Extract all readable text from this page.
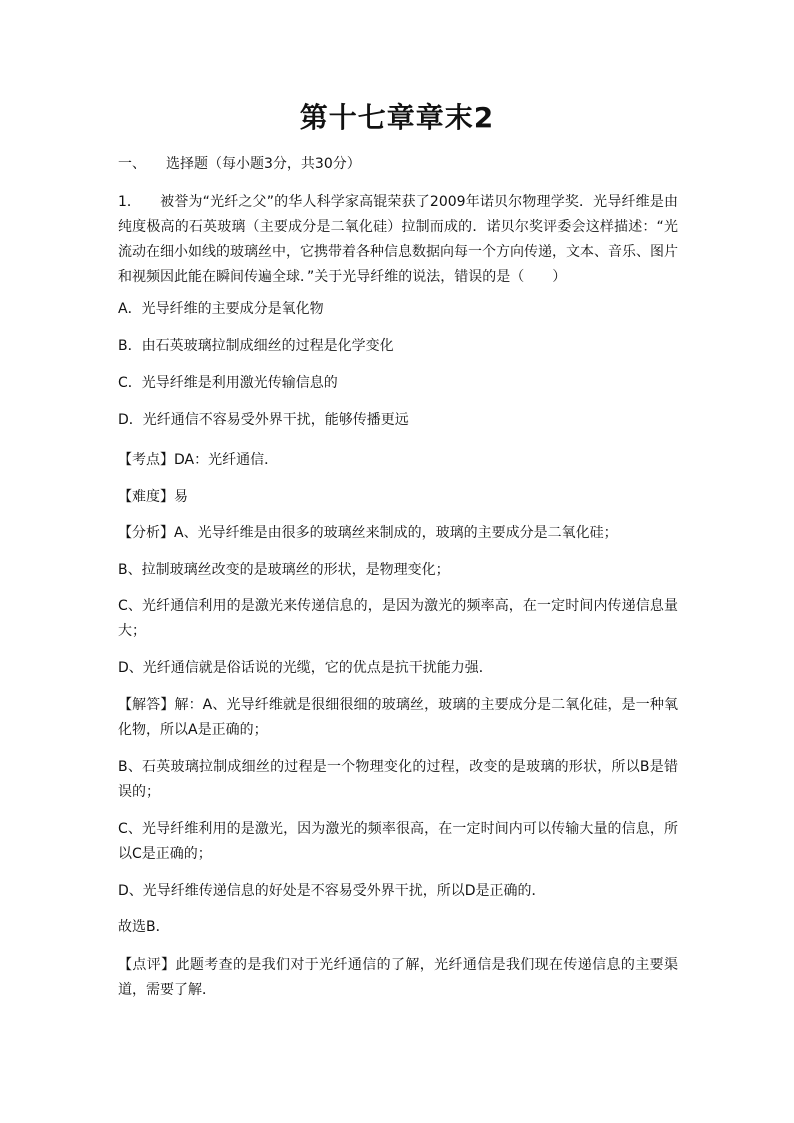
第十七章章末2
一、 选择题（每小题3分，共30分）
1． 被誉为“光纤之父”的华人科学家高锟荣获了2009年诺贝尔物理学奖．光导纤维是由纯度极高的石英玻璃（主要成分是二氧化硅）拉制而成的．诺贝尔奖评委会这样描述：“光流动在细小如线的玻璃丝中，它携带着各种信息数据向每一个方向传递，文本、音乐、图片和视频因此能在瞬间传遍全球．”关于光导纤维的说法，错误的是（　　）
A．光导纤维的主要成分是氧化物
B．由石英玻璃拉制成细丝的过程是化学变化
C．光导纤维是利用激光传输信息的
D．光纤通信不容易受外界干扰，能够传播更远
【考点】DA：光纤通信．
【难度】易
【分析】A、光导纤维是由很多的玻璃丝来制成的，玻璃的主要成分是二氧化硅；
B、拉制玻璃丝改变的是玻璃丝的形状，是物理变化；
C、光纤通信利用的是激光来传递信息的，是因为激光的频率高，在一定时间内传递信息量大；
D、光纤通信就是俗话说的光缆，它的优点是抗干扰能力强．
【解答】解：A、光导纤维就是很细很细的玻璃丝，玻璃的主要成分是二氧化硅，是一种氧化物，所以A是正确的；
B、石英玻璃拉制成细丝的过程是一个物理变化的过程，改变的是玻璃的形状，所以B是错误的；
C、光导纤维利用的是激光，因为激光的频率很高，在一定时间内可以传输大量的信息，所以C是正确的；
D、光导纤维传递信息的好处是不容易受外界干扰，所以D是正确的．
故选B．
【点评】此题考查的是我们对于光纤通信的了解，光纤通信是我们现在传递信息的主要渠道，需要了解．
